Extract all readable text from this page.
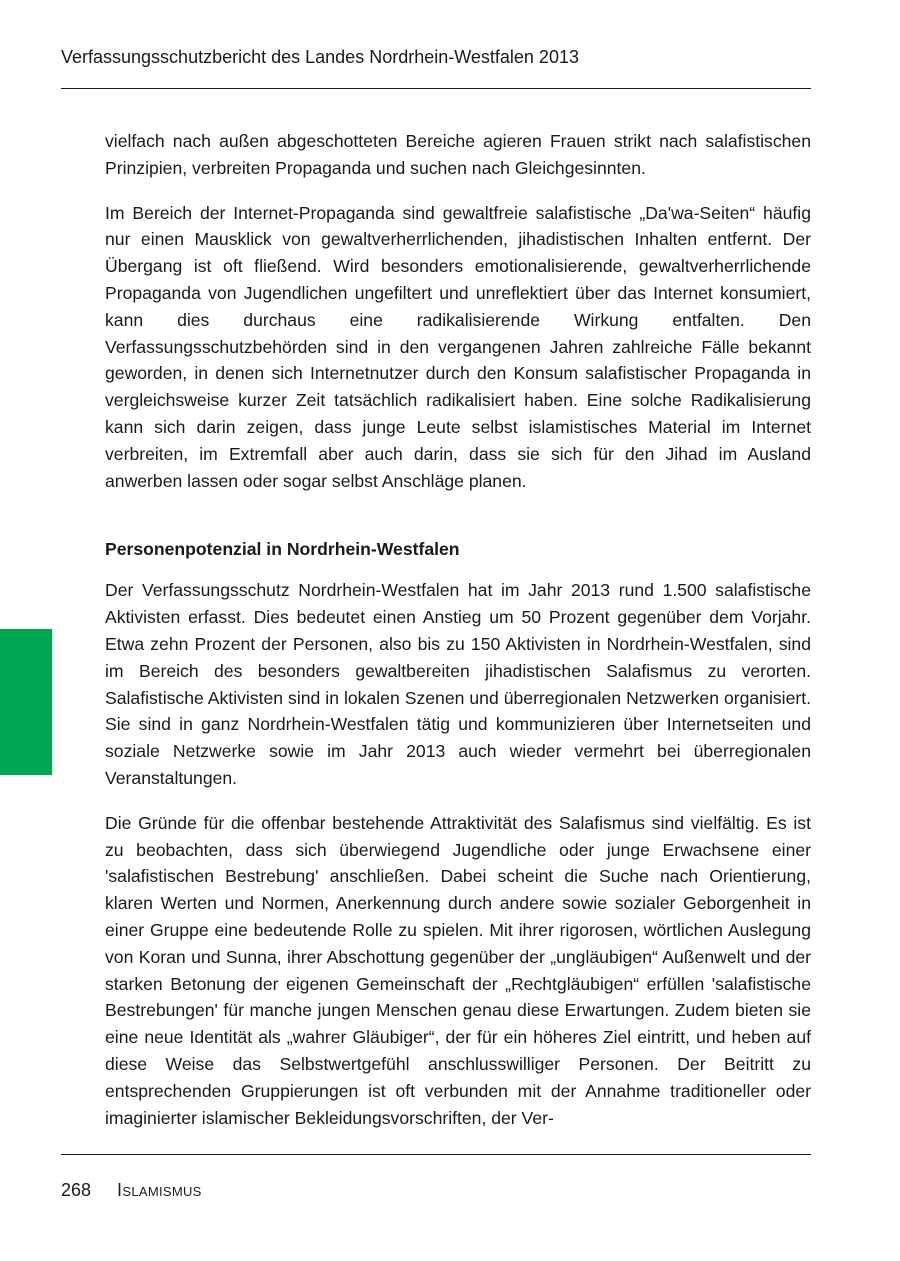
Verfassungsschutzbericht des Landes Nordrhein-Westfalen 2013

vielfach nach außen abgeschotteten Bereiche agieren Frauen strikt nach salafistischen Prinzipien, verbreiten Propaganda und suchen nach Gleichgesinnten.

Im Bereich der Internet-Propaganda sind gewaltfreie salafistische „Da'wa-Seiten“ häufig nur einen Mausklick von gewaltverherrlichenden, jihadistischen Inhalten entfernt. Der Übergang ist oft fließend. Wird besonders emotionalisierende, gewaltverherrlichende Propaganda von Jugendlichen ungefiltert und unreflektiert über das Internet konsumiert, kann dies durchaus eine radikalisierende Wirkung entfalten. Den Verfassungsschutzbehörden sind in den vergangenen Jahren zahlreiche Fälle bekannt geworden, in denen sich Internetnutzer durch den Konsum salafistischer Propaganda in vergleichsweise kurzer Zeit tatsächlich radikalisiert haben. Eine solche Radikalisierung kann sich darin zeigen, dass junge Leute selbst islamistisches Material im Internet verbreiten, im Extremfall aber auch darin, dass sie sich für den Jihad im Ausland anwerben lassen oder sogar selbst Anschläge planen.

Personenpotenzial in Nordrhein-Westfalen

Der Verfassungsschutz Nordrhein-Westfalen hat im Jahr 2013 rund 1.500 salafistische Aktivisten erfasst. Dies bedeutet einen Anstieg um 50 Prozent gegenüber dem Vorjahr. Etwa zehn Prozent der Personen, also bis zu 150 Aktivisten in Nordrhein-Westfalen, sind im Bereich des besonders gewaltbereiten jihadistischen Salafismus zu verorten. Salafistische Aktivisten sind in lokalen Szenen und überregionalen Netzwerken organisiert. Sie sind in ganz Nordrhein-Westfalen tätig und kommunizieren über Internetseiten und soziale Netzwerke sowie im Jahr 2013 auch wieder vermehrt bei überregionalen Veranstaltungen.

Die Gründe für die offenbar bestehende Attraktivität des Salafismus sind vielfältig. Es ist zu beobachten, dass sich überwiegend Jugendliche oder junge Erwachsene einer 'salafistischen Bestrebung' anschließen. Dabei scheint die Suche nach Orientierung, klaren Werten und Normen, Anerkennung durch andere sowie sozialer Geborgenheit in einer Gruppe eine bedeutende Rolle zu spielen. Mit ihrer rigorosen, wörtlichen Auslegung von Koran und Sunna, ihrer Abschottung gegenüber der „ungläubigen“ Außenwelt und der starken Betonung der eigenen Gemeinschaft der „Rechtgläubigen“ erfüllen 'salafistische Bestrebungen' für manche jungen Menschen genau diese Erwartungen. Zudem bieten sie eine neue Identität als „wahrer Gläubiger“, der für ein höheres Ziel eintritt, und heben auf diese Weise das Selbstwertgefühl anschlusswilliger Personen. Der Beitritt zu entsprechenden Gruppierungen ist oft verbunden mit der Annahme traditioneller oder imaginierter islamischer Bekleidungsvorschriften, der Ver-

268 Islamismus
